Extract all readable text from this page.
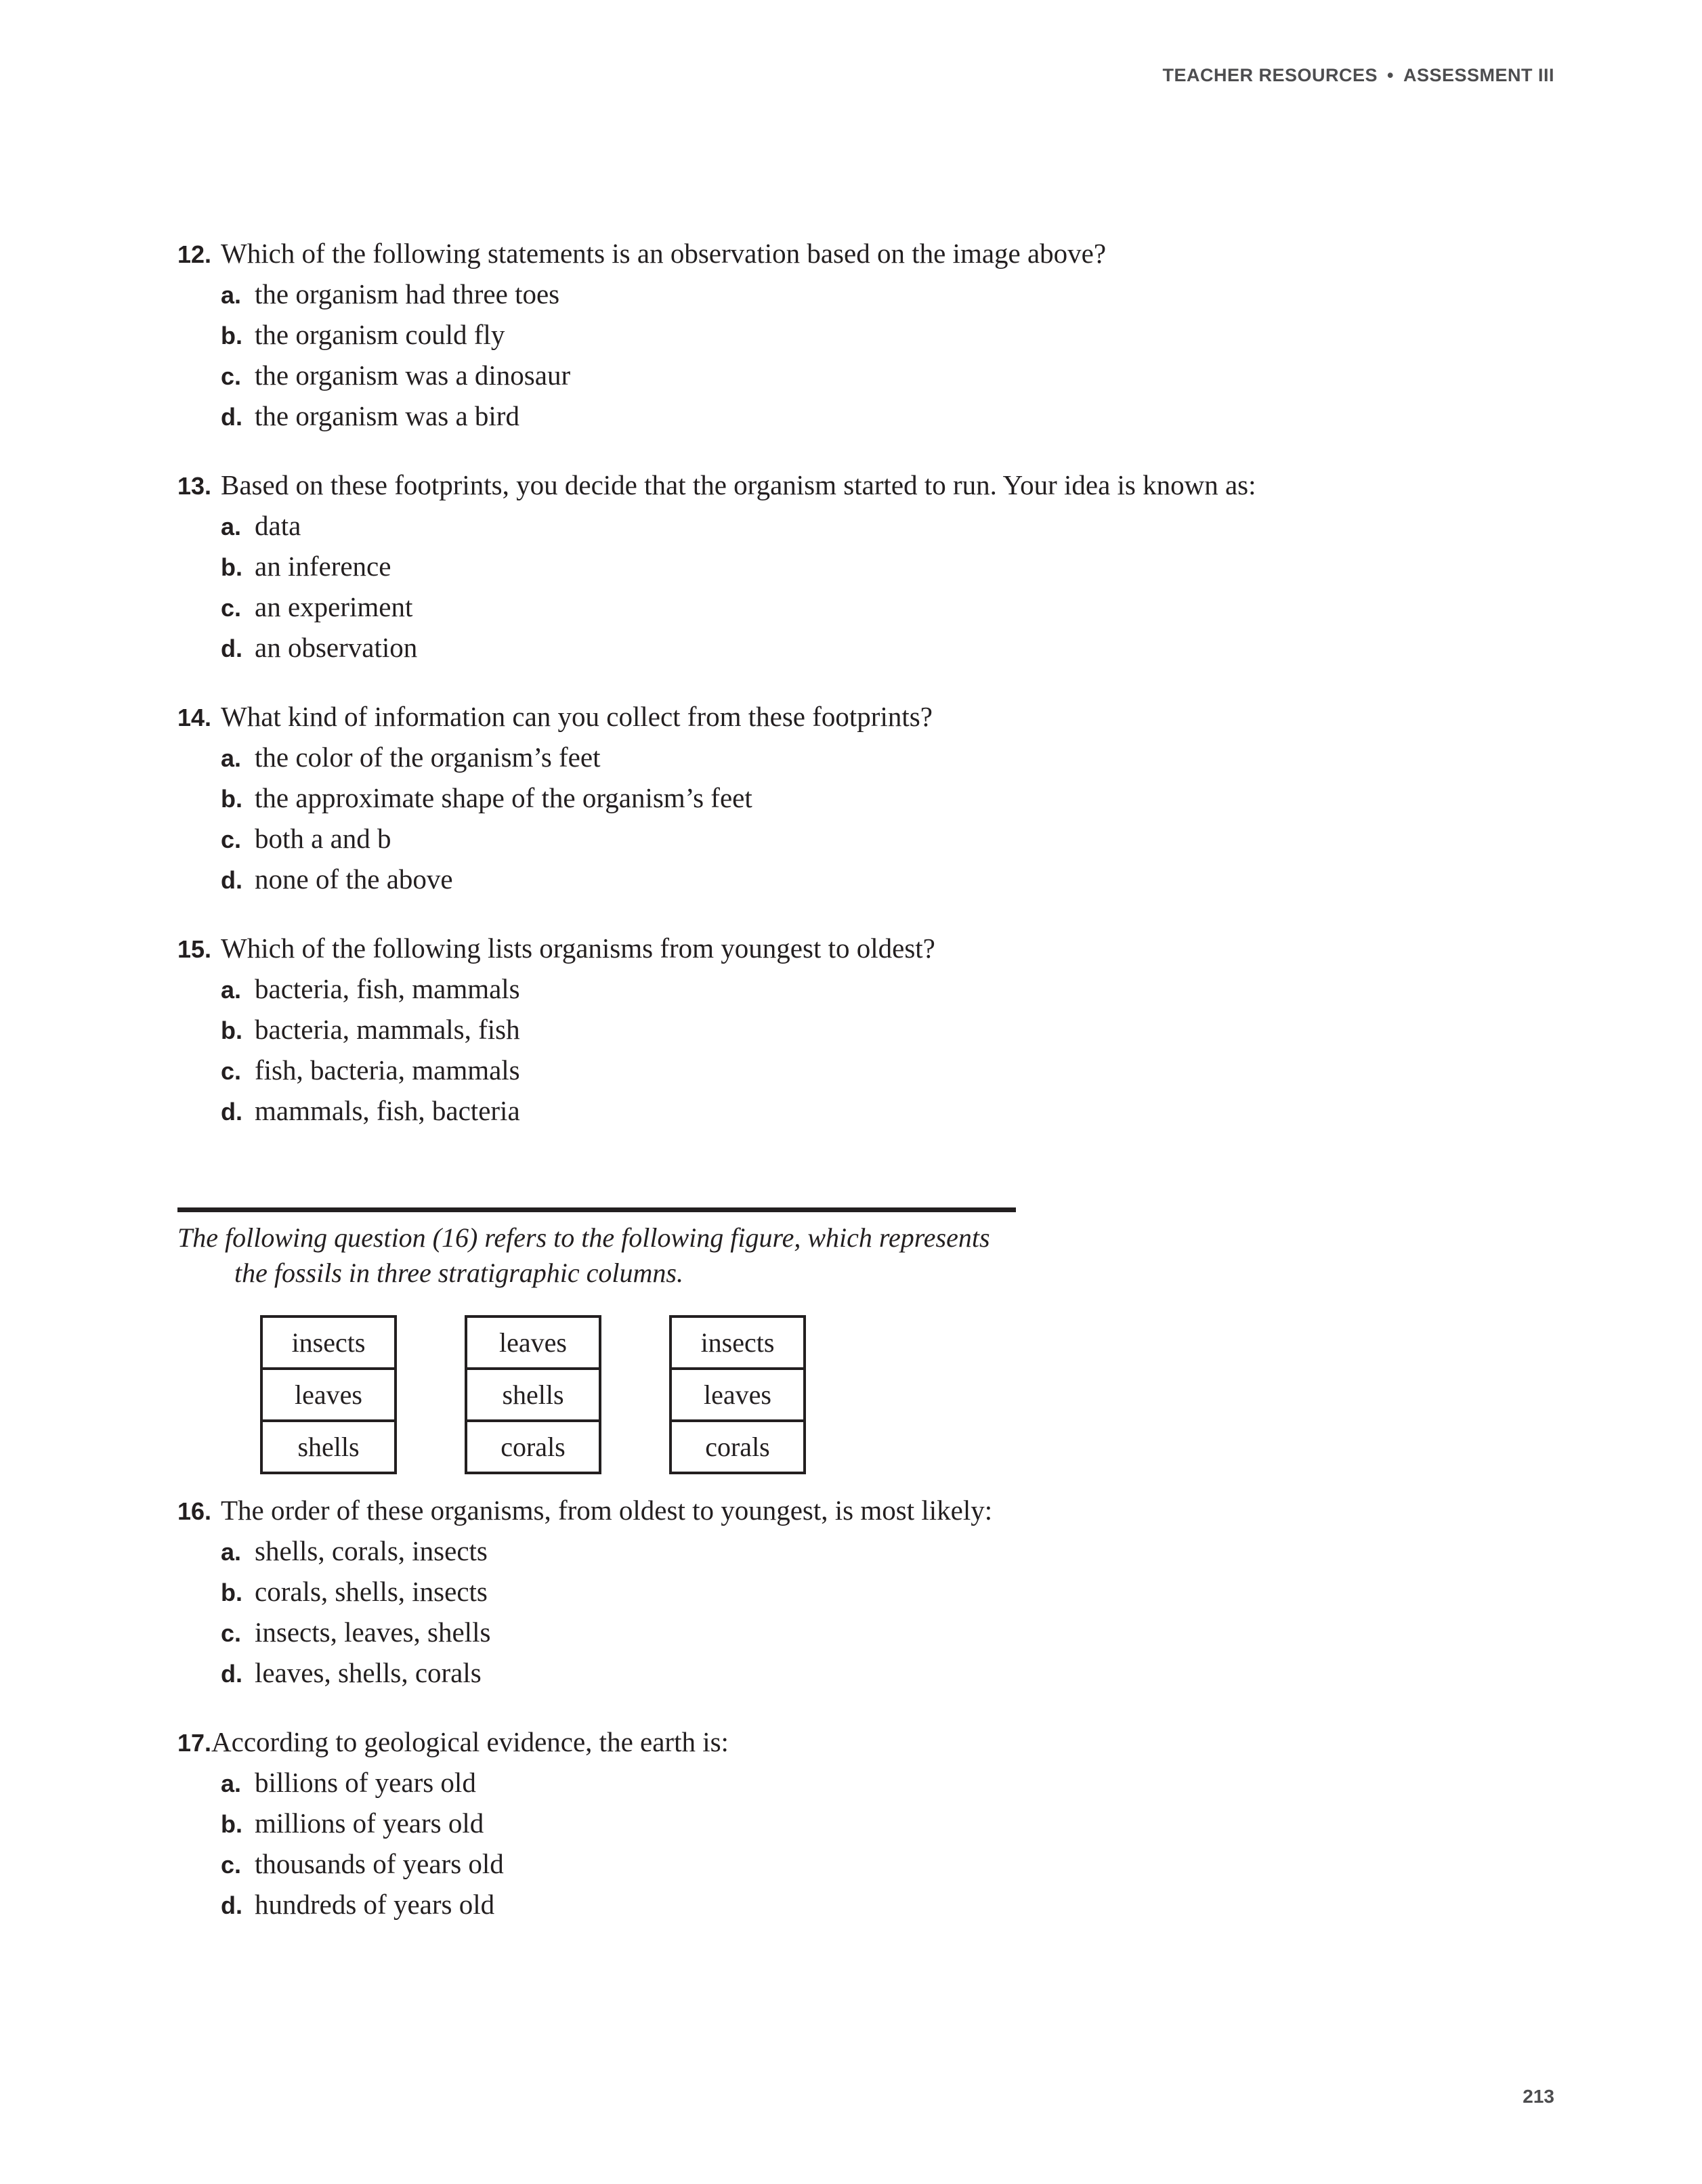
TEACHER RESOURCES • ASSESSMENT III
12. Which of the following statements is an observation based on the image above?
a. the organism had three toes
b. the organism could fly
c. the organism was a dinosaur
d. the organism was a bird
13. Based on these footprints, you decide that the organism started to run. Your idea is known as:
a. data
b. an inference
c. an experiment
d. an observation
14. What kind of information can you collect from these footprints?
a. the color of the organism’s feet
b. the approximate shape of the organism’s feet
c. both a and b
d. none of the above
15. Which of the following lists organisms from youngest to oldest?
a. bacteria, fish, mammals
b. bacteria, mammals, fish
c. fish, bacteria, mammals
d. mammals, fish, bacteria
The following question (16) refers to the following figure, which represents
the fossils in three stratigraphic columns.
insects
leaves
shells
leaves
shells
corals
insects
leaves
corals
16. The order of these organisms, from oldest to youngest, is most likely:
a. shells, corals, insects
b. corals, shells, insects
c. insects, leaves, shells
d. leaves, shells, corals
17.According to geological evidence, the earth is:
a. billions of years old
b. millions of years old
c. thousands of years old
d. hundreds of years old
213
